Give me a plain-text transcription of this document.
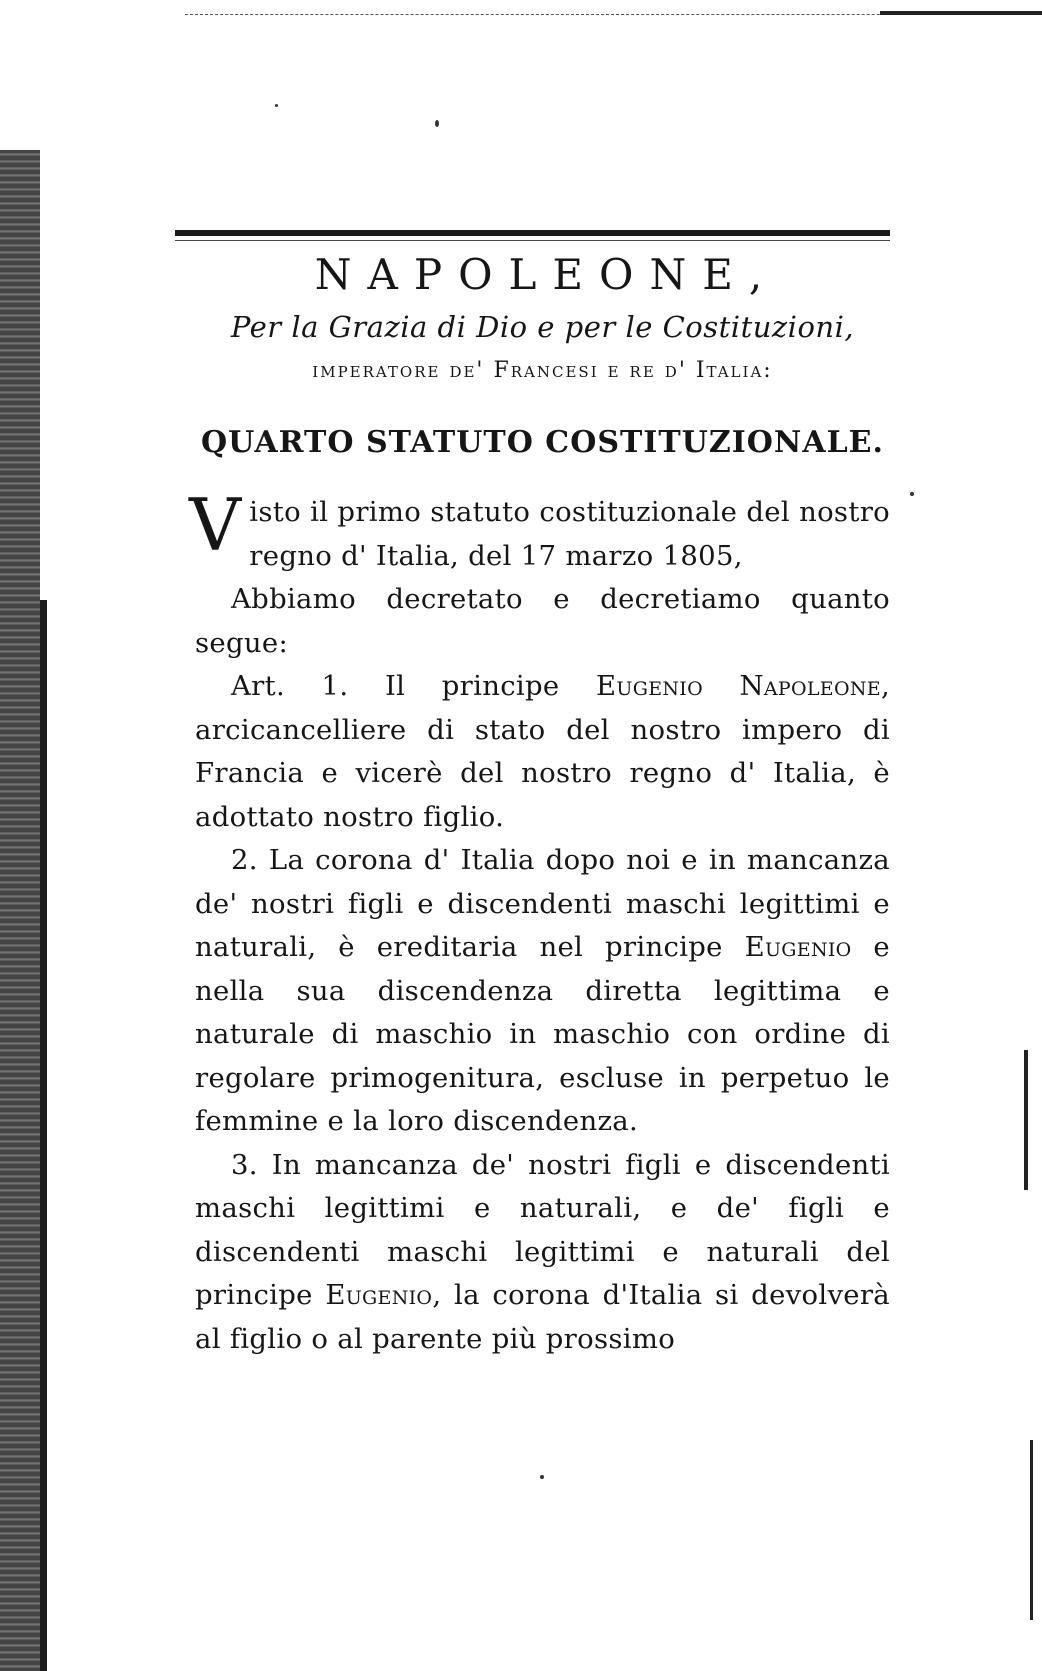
NAPOLEONE,

Per la Grazia di Dio e per le Costituzioni,

imperatore de' Francesi e re d' Italia:

QUARTO STATUTO COSTITUZIONALE.

Visto il primo statuto costituzionale del nostro regno d' Italia, del 17 marzo 1805,

Abbiamo decretato e decretiamo quanto segue:

Art. 1. Il principe Eugenio Napoleone, arcicancelliere di stato del nostro impero di Francia e vicerè del nostro regno d' Italia, è adottato nostro figlio.

2. La corona d' Italia dopo noi e in mancanza de' nostri figli e discendenti maschi legittimi e naturali, è ereditaria nel principe Eugenio e nella sua discendenza diretta legittima e naturale di maschio in maschio con ordine di regolare primogenitura, escluse in perpetuo le femmine e la loro discendenza.

3. In mancanza de' nostri figli e discendenti maschi legittimi e naturali, e de' figli e discendenti maschi legittimi e naturali del principe Eugenio, la corona d'Italia si devolverà al figlio o al parente più prossimo
